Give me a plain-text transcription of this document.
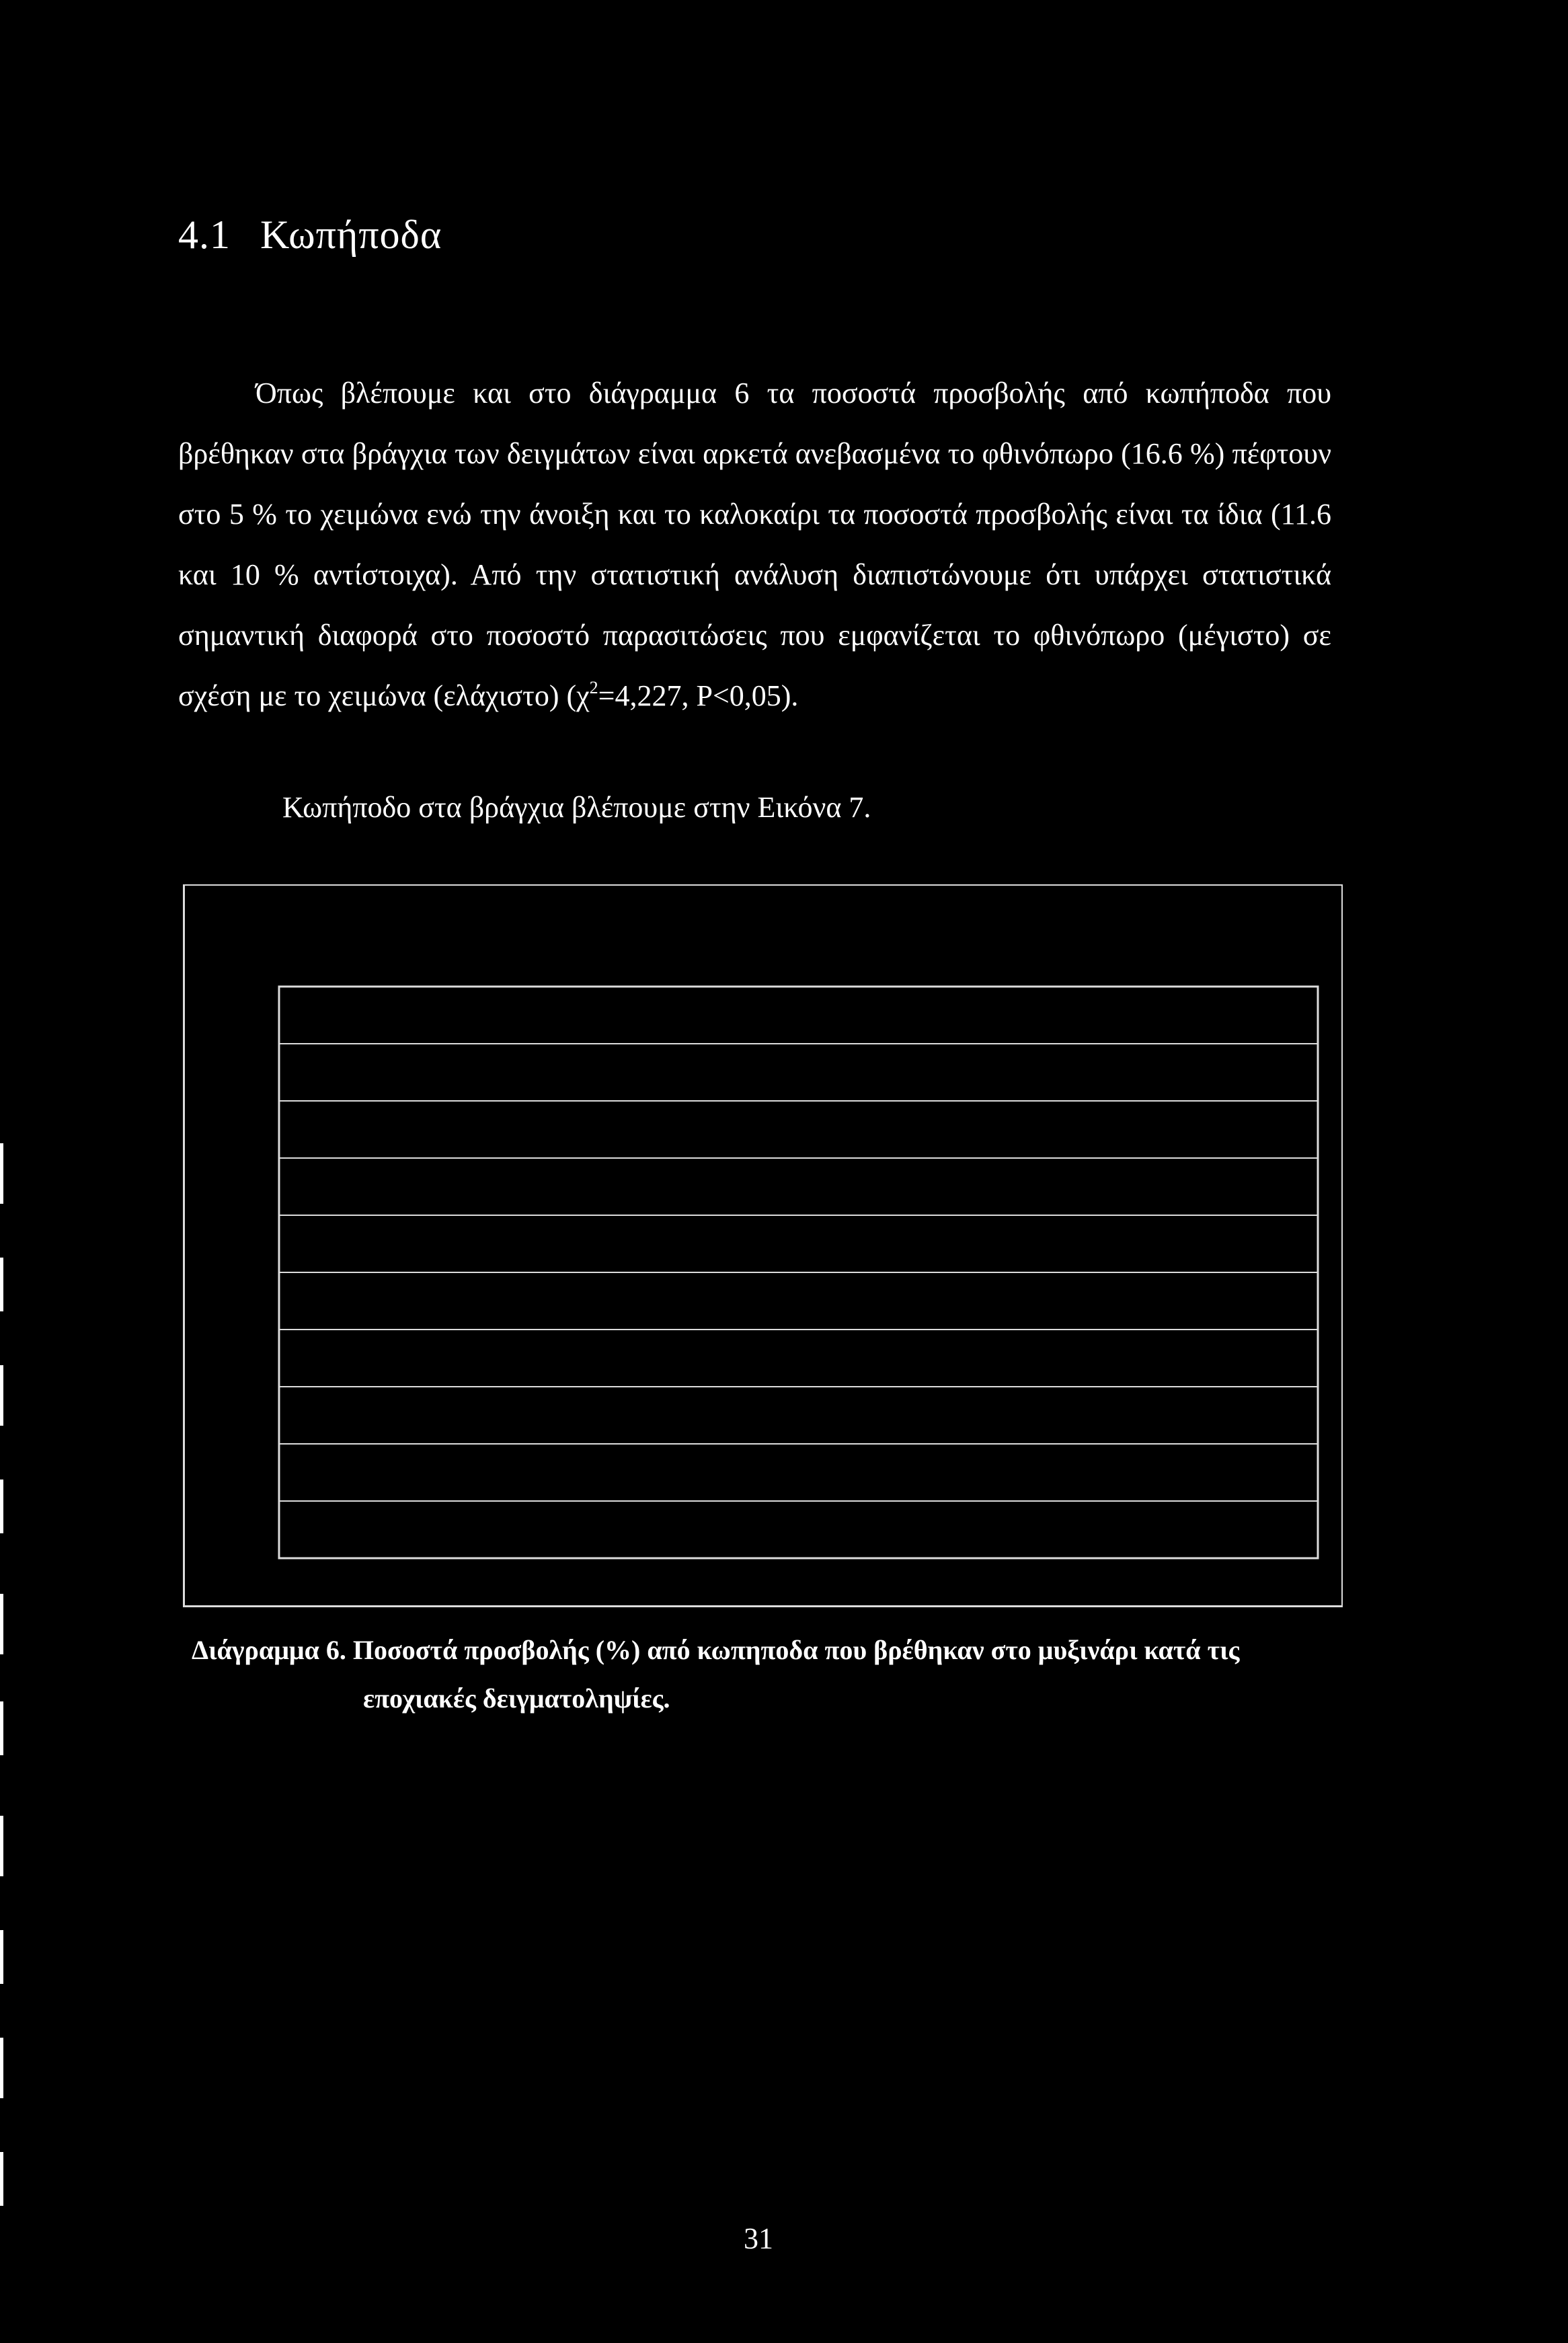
4.1 Κωπήποδα

Όπως βλέπουμε και στο διάγραμμα 6 τα ποσοστά προσβολής από κωπήποδα που βρέθηκαν στα βράγχια των δειγμάτων είναι αρκετά ανεβασμένα το φθινόπωρο (16.6 %) πέφτουν στο 5 % το χειμώνα ενώ την άνοιξη και το καλοκαίρι τα ποσοστά προσβολής είναι τα ίδια (11.6 και 10 % αντίστοιχα). Από την στατιστική ανάλυση διαπιστώνουμε ότι υπάρχει στατιστικά σημαντική διαφορά στο ποσοστό παρασιτώσεις που εμφανίζεται το φθινόπωρο (μέγιστο) σε σχέση με το χειμώνα (ελάχιστο) ($\chi^2=4,227$, P<0,05).

Κωπήποδο στα βράγχια βλέπουμε στην Εικόνα 7.
Διάγραμμα 6. Ποσοστά προσβολής (%) από κωπηποδα που βρέθηκαν στο μυξινάρι κατά τις
εποχιακές δειγματοληψίες.
31
